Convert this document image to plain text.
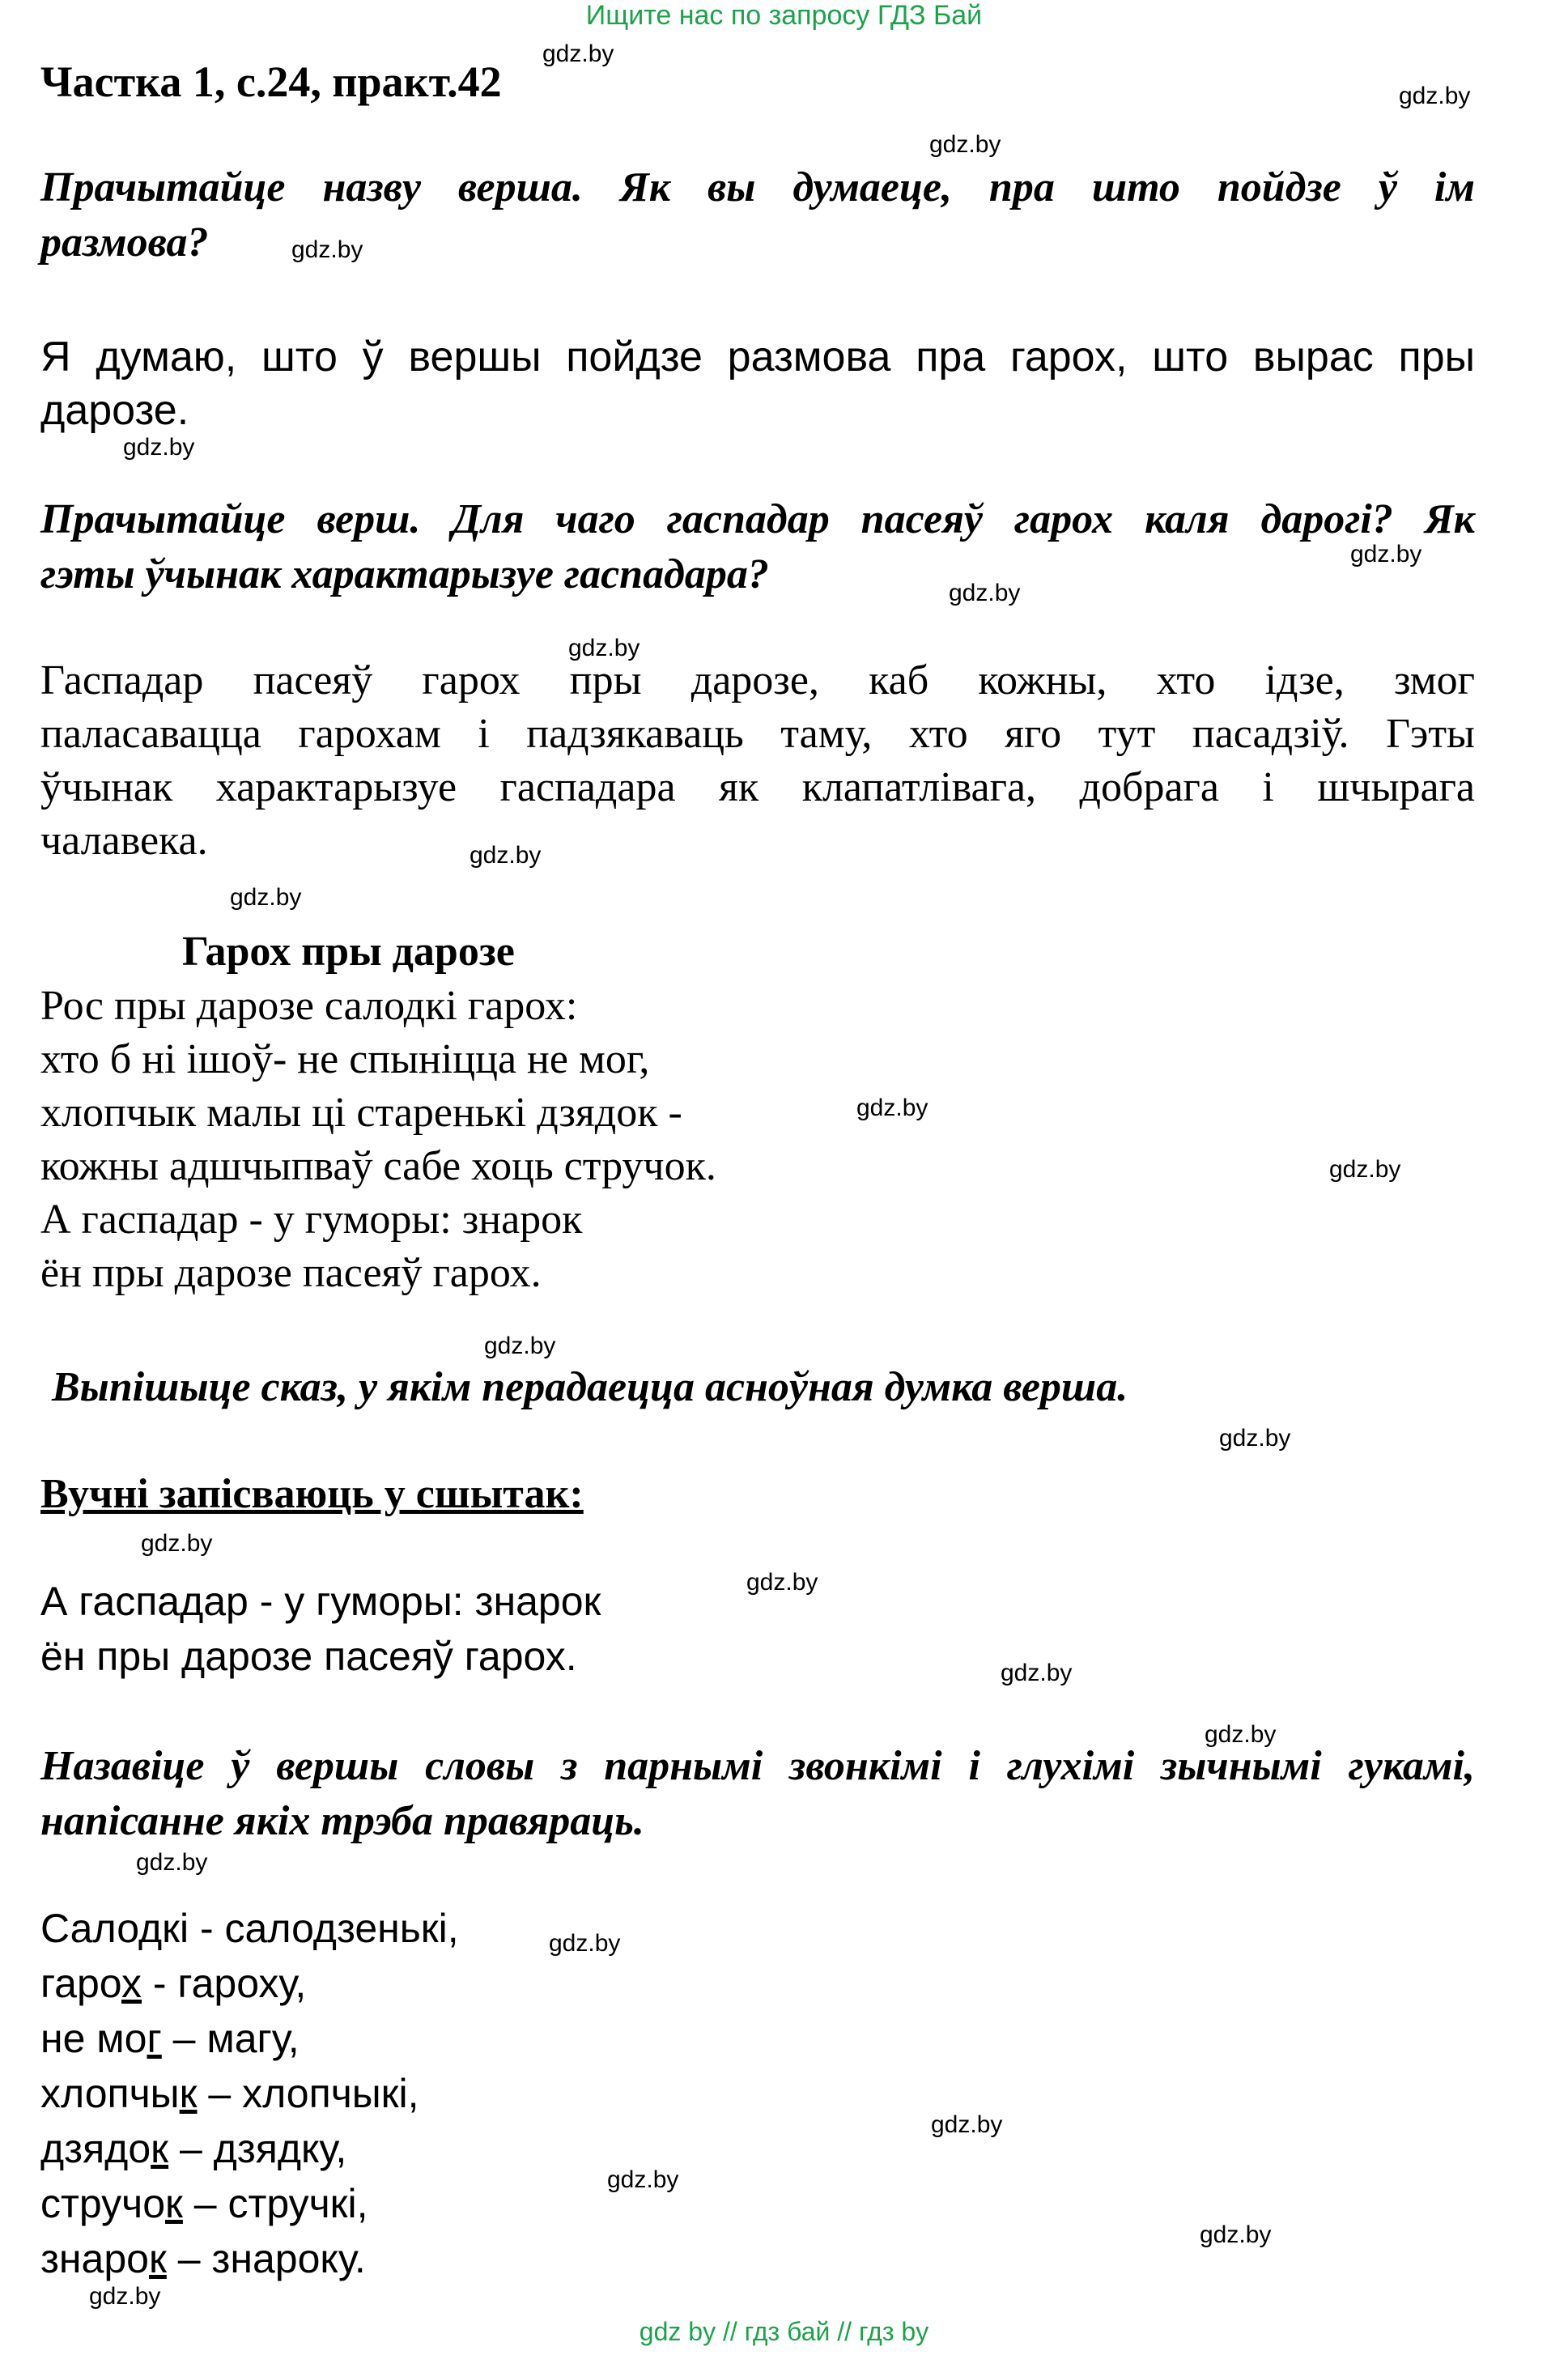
Ищите нас по запросу ГДЗ Бай
Частка 1, с.24, практ.42
Прачытайце назву верша. Як вы думаеце, пра што пойдзе ў ім
размова?
Я думаю, што ў вершы пойдзе размова пра гарох, што вырас пры
дарозе.
Прачытайце верш. Для чаго гаспадар пасеяў гарох каля дарогі? Як
гэты ўчынак характарызуе гаспадара?
Гаспадар пасеяў гарох пры дарозе, каб кожны, хто ідзе, змог
паласавацца гарохам і падзякаваць таму, хто яго тут пасадзіў. Гэты
ўчынак характарызуе гаспадара як клапатлівага, добрага і шчырага
чалавека.
Гарох пры дарозе
Рос пры дарозе салодкі гарох:
хто б ні ішоў- не спыніцца не мог,
хлопчык малы ці старенькі дзядок -
кожны адшчыпваў сабе хоць стручок.
А гаспадар - у гуморы: знарок
ён пры дарозе пасеяў гарох.
Выпішыце сказ, у якім перадаецца асноўная думка верша.
Вучні запісваюць у сшытак:
А гаспадар - у гуморы: знарок
ён пры дарозе пасеяў гарох.
Назавіце ў вершы словы з парнымі звонкімі і глухімі зычнымі гукамі,
напісанне якіх трэба правяраць.
Салодкі - салодзенькі,
гарох - гароху,
не мог – магу,
хлопчык – хлопчыкі,
дзядок – дзядку,
стручок – стручкі,
знарок – знароку.
gdz.by
gdz.by
gdz.by
gdz.by
gdz.by
gdz.by
gdz.by
gdz.by
gdz.by
gdz.by
gdz.by
gdz.by
gdz.by
gdz.by
gdz.by
gdz.by
gdz.by
gdz.by
gdz.by
gdz.by
gdz.by
gdz.by
gdz.by
gdz.by
gdz by // гдз бай // гдз by
